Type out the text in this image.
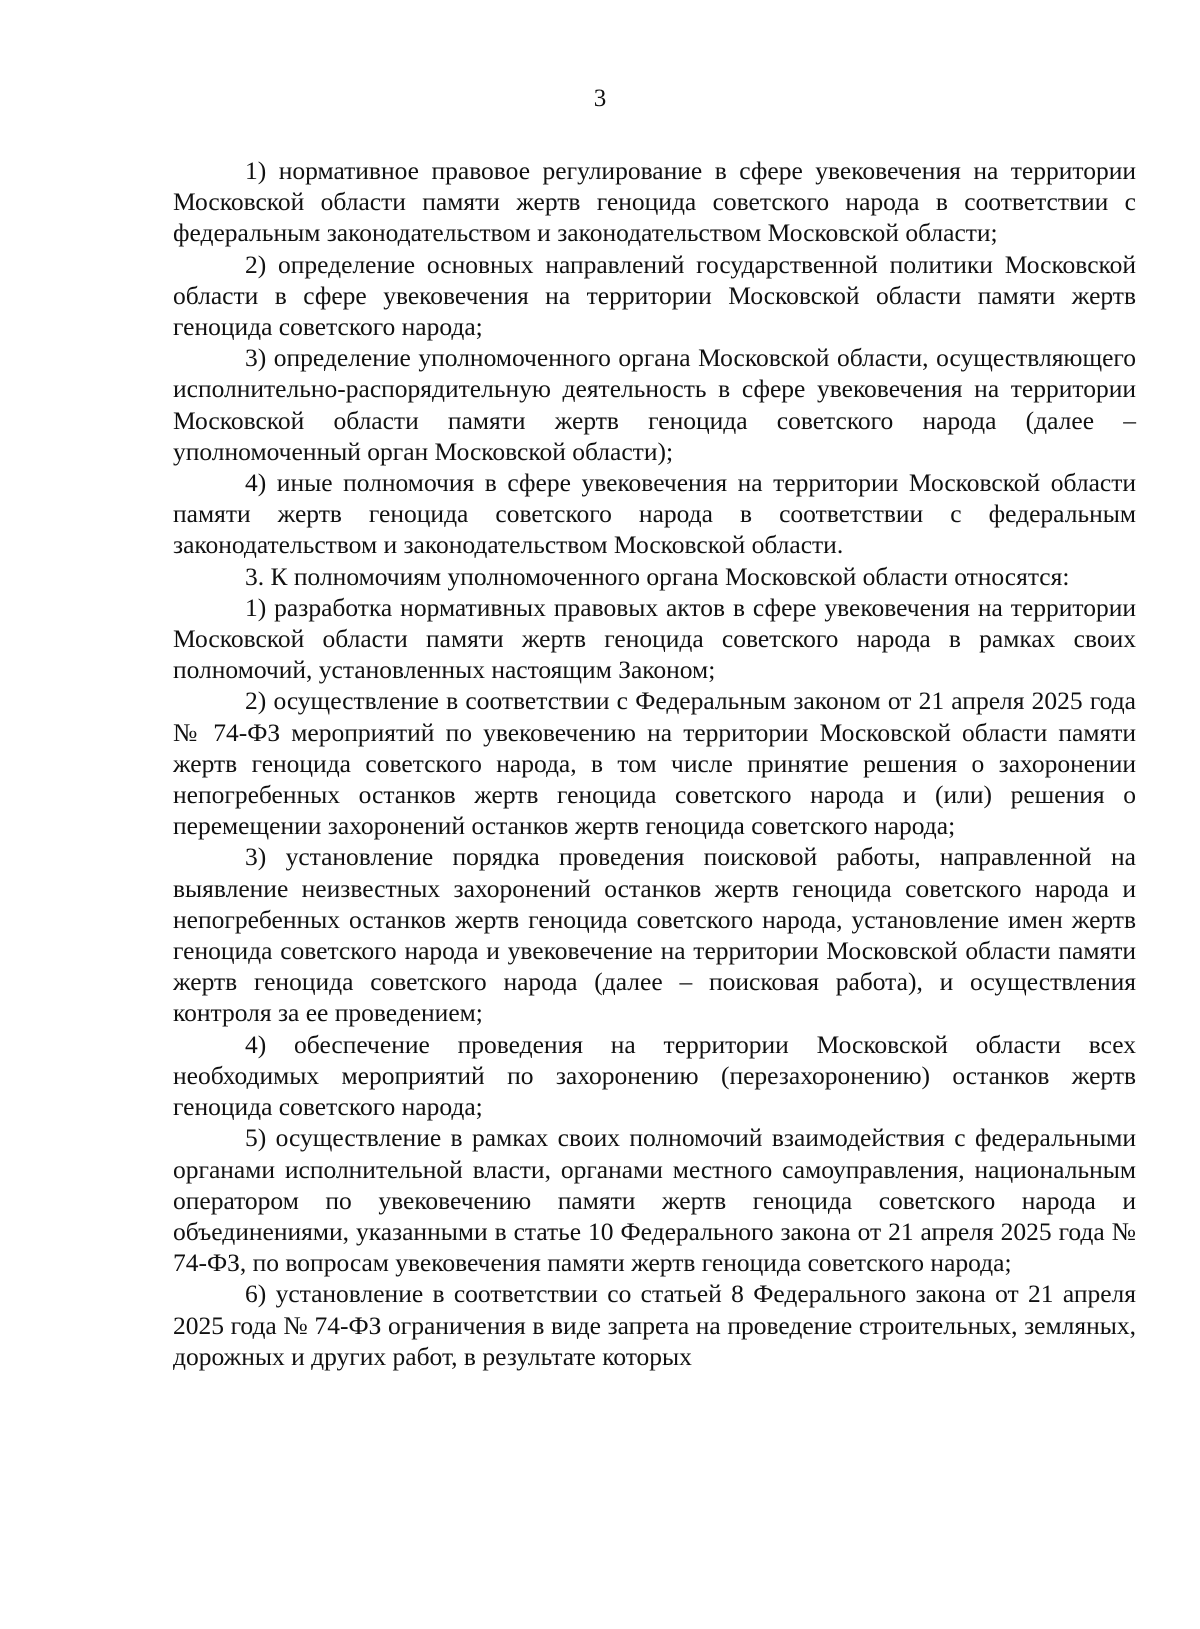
3

1) нормативное правовое регулирование в сфере увековечения на территории Московской области памяти жертв геноцида советского народа в соответствии с федеральным законодательством и законодательством Московской области;

2) определение основных направлений государственной политики Московской области в сфере увековечения на территории Московской области памяти жертв геноцида советского народа;

3) определение уполномоченного органа Московской области, осуществляющего исполнительно-распорядительную деятельность в сфере увековечения на территории Московской области памяти жертв геноцида советского народа (далее – уполномоченный орган Московской области);

4) иные полномочия в сфере увековечения на территории Московской области памяти жертв геноцида советского народа в соответствии с федеральным законодательством и законодательством Московской области.

3. К полномочиям уполномоченного органа Московской области относятся:

1) разработка нормативных правовых актов в сфере увековечения на территории Московской области памяти жертв геноцида советского народа в рамках своих полномочий, установленных настоящим Законом;

2) осуществление в соответствии с Федеральным законом от 21 апреля 2025 года № 74-ФЗ мероприятий по увековечению на территории Московской области памяти жертв геноцида советского народа, в том числе принятие решения о захоронении непогребенных останков жертв геноцида советского народа и (или) решения о перемещении захоронений останков жертв геноцида советского народа;

3) установление порядка проведения поисковой работы, направленной на выявление неизвестных захоронений останков жертв геноцида советского народа и непогребенных останков жертв геноцида советского народа, установление имен жертв геноцида советского народа и увековечение на территории Московской области памяти жертв геноцида советского народа (далее – поисковая работа), и осуществления контроля за ее проведением;

4) обеспечение проведения на территории Московской области всех необходимых мероприятий по захоронению (перезахоронению) останков жертв геноцида советского народа;

5) осуществление в рамках своих полномочий взаимодействия с федеральными органами исполнительной власти, органами местного самоуправления, национальным оператором по увековечению памяти жертв геноцида советского народа и объединениями, указанными в статье 10 Федерального закона от 21 апреля 2025 года № 74-ФЗ, по вопросам увековечения памяти жертв геноцида советского народа;

6) установление в соответствии со статьей 8 Федерального закона от 21 апреля 2025 года № 74-ФЗ ограничения в виде запрета на проведение строительных, земляных, дорожных и других работ, в результате которых
